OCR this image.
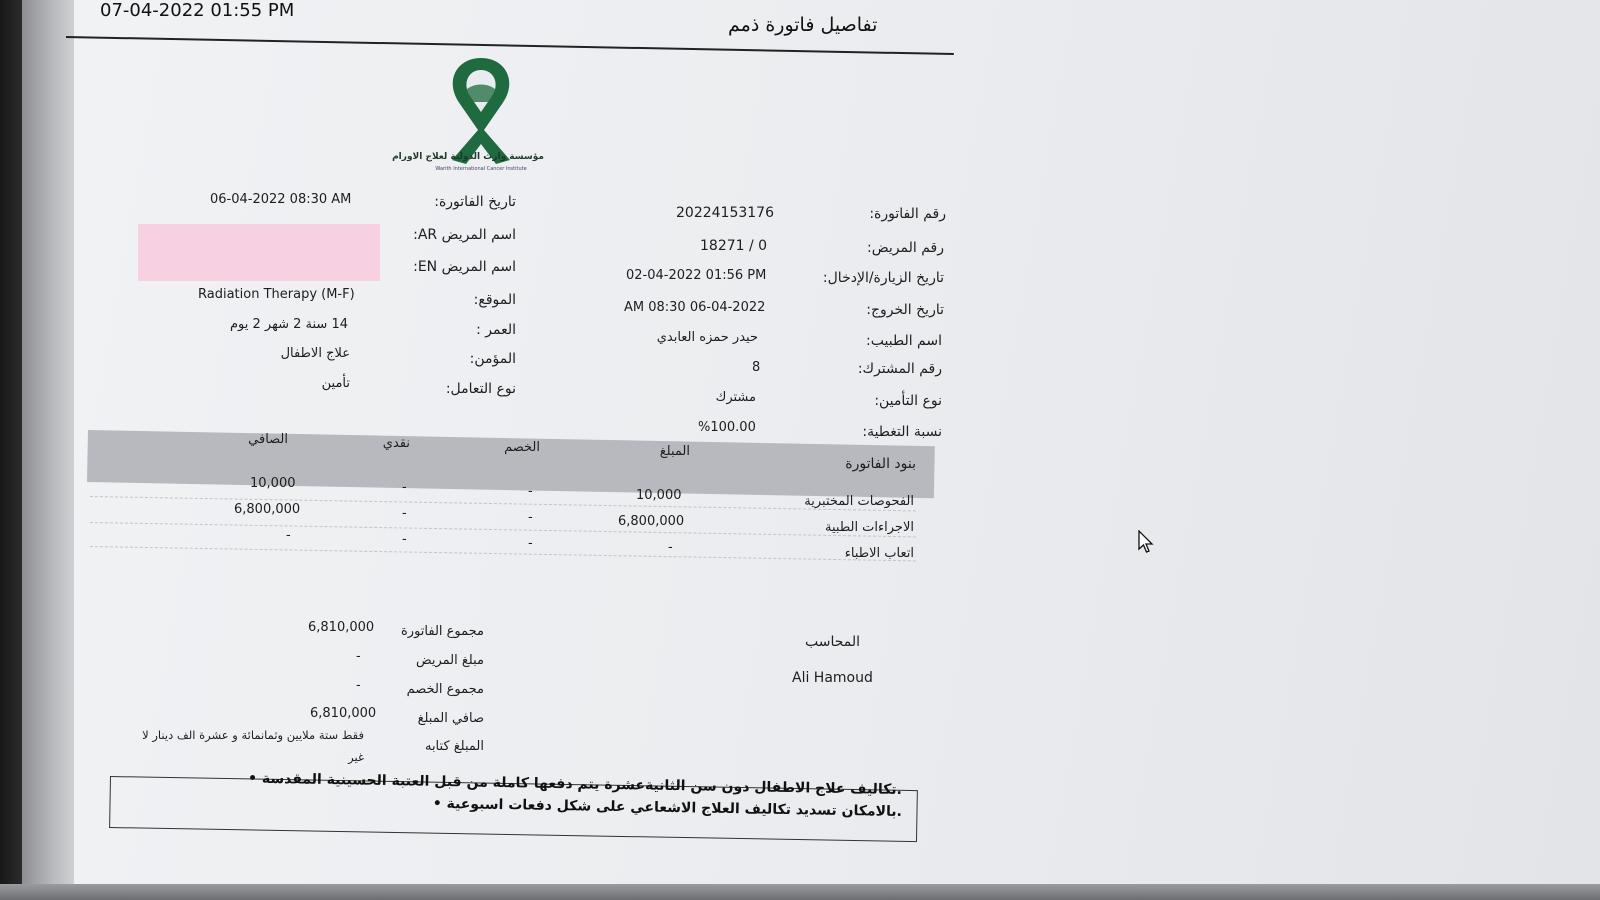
07-04-2022 01:55 PM
تفاصيل فاتورة ذمم
مؤسسة وارث الدولية لعلاج الاورام
Warith International Cancer Institute
رقم الفاتورة:
20224153176
رقم المريض:
18271 / 0
تاريخ الزيارة/الإدخال:
02-04-2022 01:56 PM
تاريخ الخروج:
AM 08:30 06-04-2022
اسم الطبيب:
حيدر حمزه العابدي
رقم المشترك:
8
نوع التأمين:
مشترك
نسبة التغطية:
%100.00
تاريخ الفاتورة:
06-04-2022 08:30 AM
اسم المريض AR:
اسم المريض EN:
الموقع:
Radiation Therapy (M-F)
العمر :
14 سنة 2 شهر 2 يوم
المؤمن:
علاج الاطفال
نوع التعامل:
تأمين
بنود الفاتورة
المبلغ
الخصم
نقدي
الصافي
الفحوصات المختبرية
10,000
-
-
10,000
الاجراءات الطبية
6,800,000
-
-
6,800,000
اتعاب الاطباء
-
-
-
-
مجموع الفاتورة
6,810,000
مبلغ المريض
-
مجموع الخصم
-
صافي المبلغ
6,810,000
المبلغ كتابه
فقط ستة ملايين وثمانمائة و عشرة الف دينار لا
غير
المحاسب
Ali Hamoud
.تكاليف علاج الاطفال دون سن الثانيةعشرة يتم دفعها كاملة من قبل العتبة الحسينية المقدسة •
.بالامكان تسديد تكاليف العلاج الاشعاعي على شكل دفعات اسبوعية •
